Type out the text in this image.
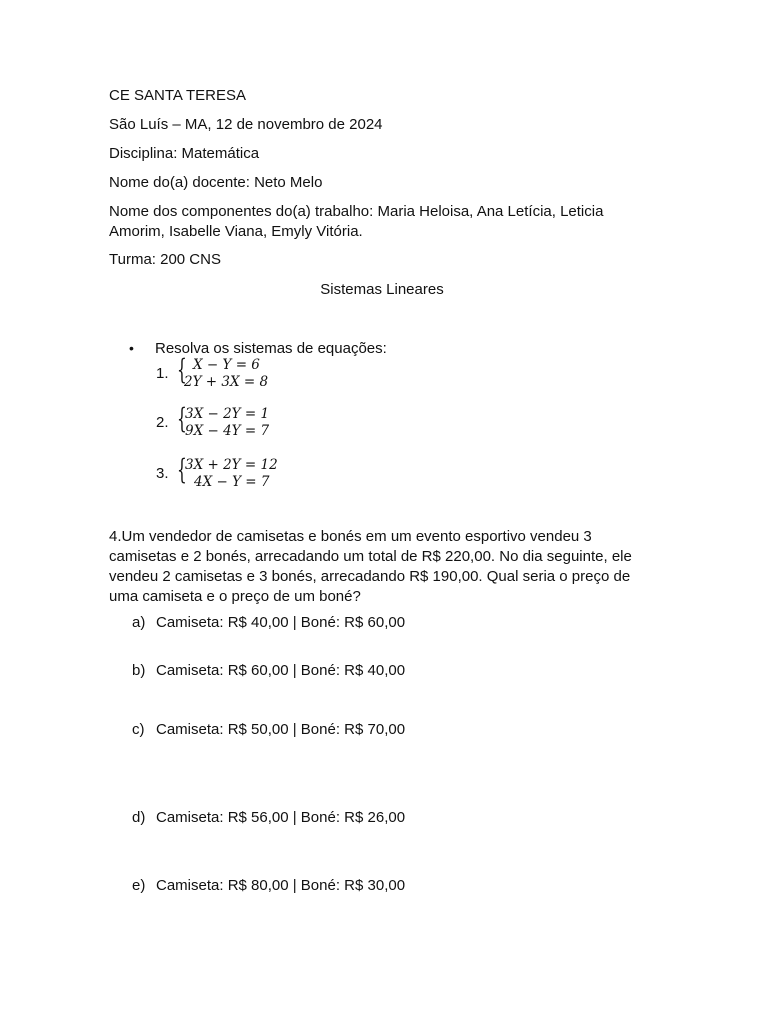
CE SANTA TERESA
São Luís – MA, 12 de novembro de 2024
Disciplina: Matemática
Nome do(a) docente: Neto Melo
Nome dos componentes do(a) trabalho: Maria Heloisa, Ana Letícia, Leticia Amorim, Isabelle Viana, Emyly Vitória.
Turma: 200 CNS
Sistemas Lineares
• Resolva os sistemas de equações:
1. { X − Y = 6
2Y + 3X = 8
2. {
3X − 2Y = 1
9X − 4Y = 7
3. {
3X + 2Y = 12
4X − Y = 7
4.Um vendedor de camisetas e bonés em um evento esportivo vendeu 3 camisetas e 2 bonés, arrecadando um total de R$ 220,00. No dia seguinte, ele vendeu 2 camisetas e 3 bonés, arrecadando R$ 190,00. Qual seria o preço de uma camiseta e o preço de um boné?
a) Camiseta: R$ 40,00 | Boné: R$ 60,00
b) Camiseta: R$ 60,00 | Boné: R$ 40,00
c) Camiseta: R$ 50,00 | Boné: R$ 70,00
d) Camiseta: R$ 56,00 | Boné: R$ 26,00
e) Camiseta: R$ 80,00 | Boné: R$ 30,00
